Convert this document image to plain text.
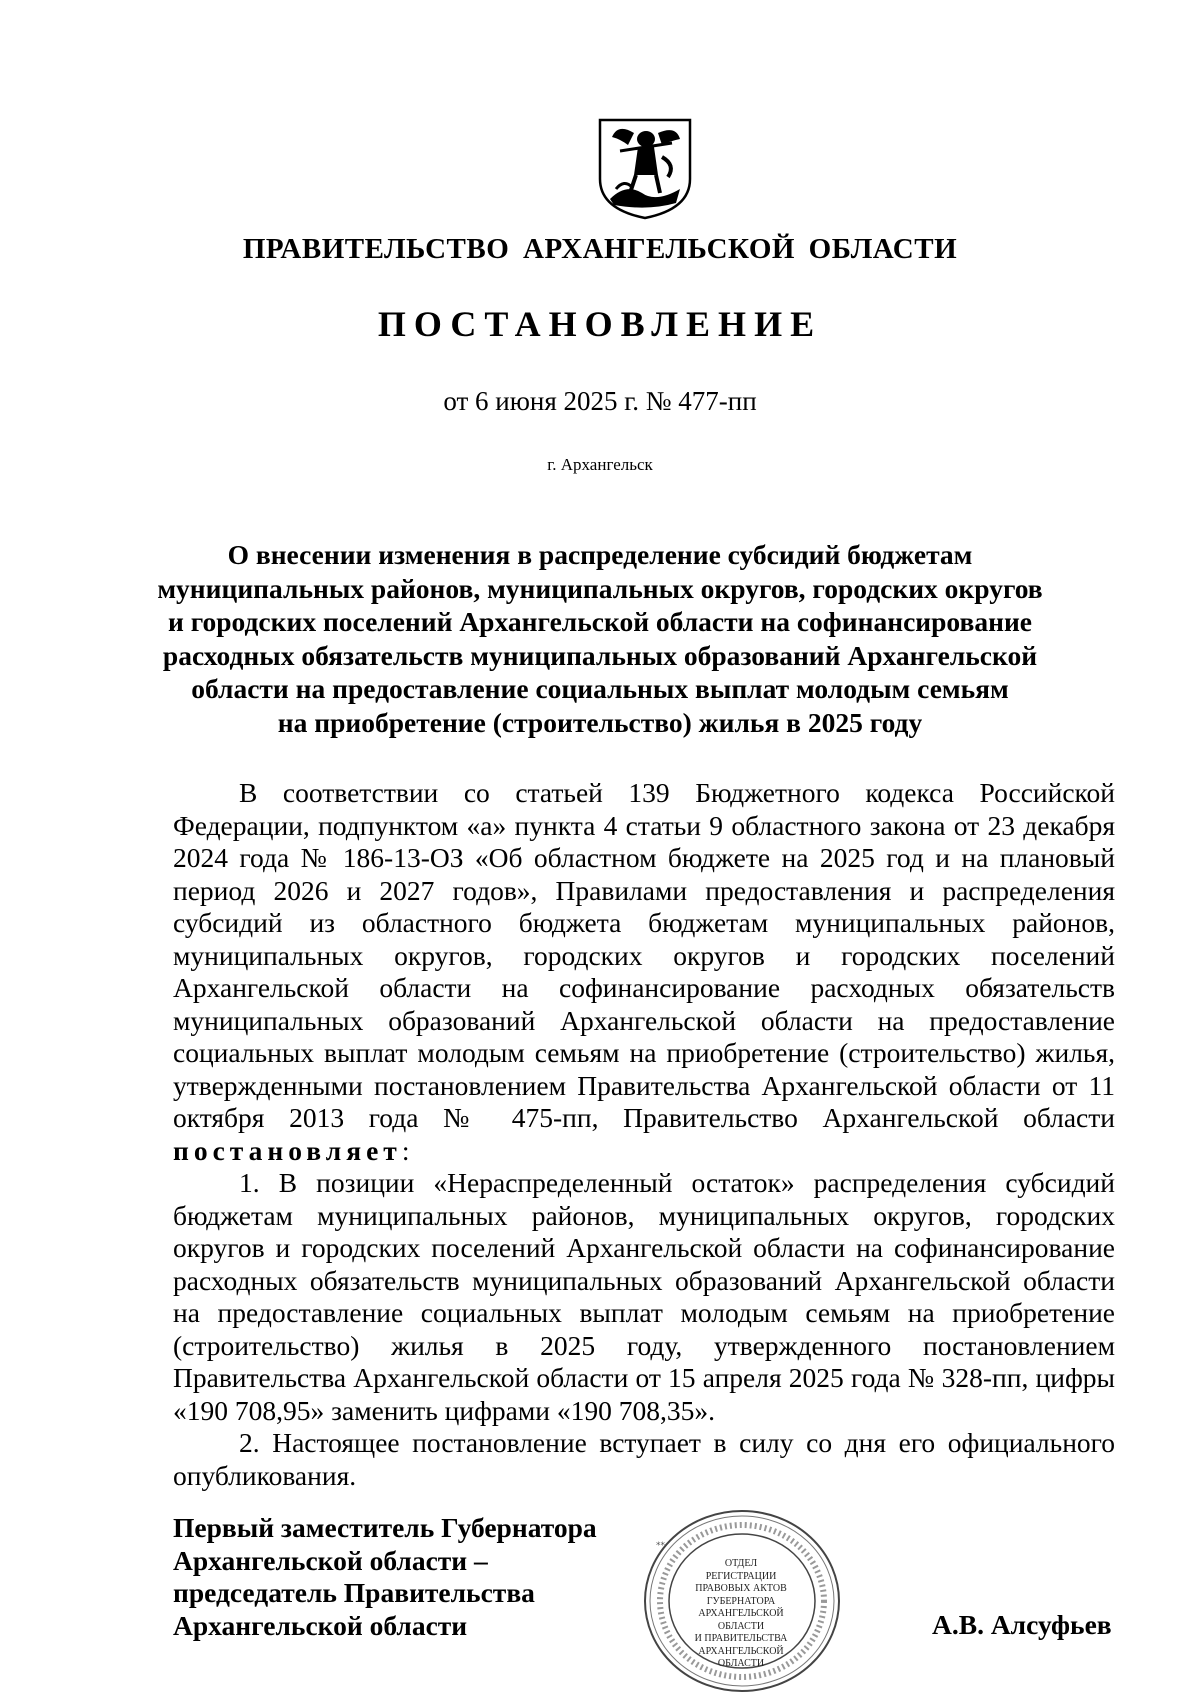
ПРАВИТЕЛЬСТВО АРХАНГЕЛЬСКОЙ ОБЛАСТИ
ПОСТАНОВЛЕНИЕ
от 6 июня 2025 г. № 477-пп
г. Архангельск
О внесении изменения в распределение субсидий бюджетам
муниципальных районов, муниципальных округов, городских округов
и городских поселений Архангельской области на софинансирование
расходных обязательств муниципальных образований Архангельской
области на предоставление социальных выплат молодым семьям
на приобретение (строительство) жилья в 2025 году

В соответствии со статьей 139 Бюджетного кодекса Российской Федерации, подпунктом «а» пункта 4 статьи 9 областного закона от 23 декабря 2024 года № 186-13-ОЗ «Об областном бюджете на 2025 год и на плановый период 2026 и 2027 годов», Правилами предоставления и распределения субсидий из областного бюджета бюджетам муниципальных районов, муниципальных округов, городских округов и городских поселений Архангельской области на софинансирование расходных обязательств муниципальных образований Архангельской области на предоставление социальных выплат молодым семьям на приобретение (строительство) жилья, утвержденными постановлением Правительства Архангельской области от 11 октября 2013 года № 475-пп, Правительство Архангельской области постановляет:

1. В позиции «Нераспределенный остаток» распределения субсидий бюджетам муниципальных районов, муниципальных округов, городских округов и городских поселений Архангельской области на софинансирование расходных обязательств муниципальных образований Архангельской области на предоставление социальных выплат молодым семьям на приобретение (строительство) жилья в 2025 году, утвержденного постановлением Правительства Архангельской области от 15 апреля 2025 года № 328-пп, цифры «190 708,95» заменить цифрами «190 708,35».

2. Настоящее постановление вступает в силу со дня его официального опубликования.

Первый заместитель Губернатора
Архангельской области –
председатель Правительства
Архангельской области
**
ОТДЕЛ
РЕГИСТРАЦИИ
ПРАВОВЫХ АКТОВ
ГУБЕРНАТОРА
АРХАНГЕЛЬСКОЙ
ОБЛАСТИ
И ПРАВИТЕЛЬСТВА
АРХАНГЕЛЬСКОЙ
ОБЛАСТИ
А.В. Алсуфьев
